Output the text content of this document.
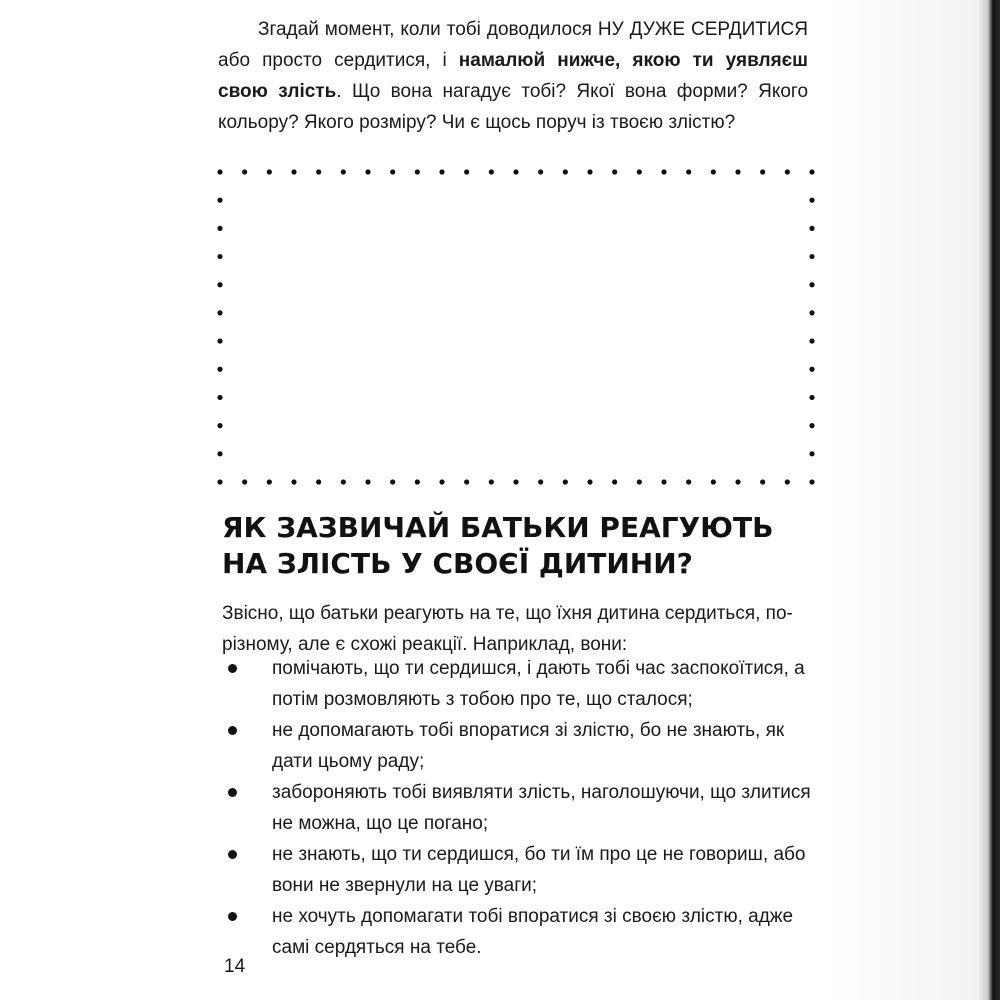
Згадай момент, коли тобі доводилося НУ ДУЖЕ СЕРДИТИСЯ або просто сердитися, і намалюй нижче, якою ти уявляєш свою злість. Що вона нагадує тобі? Якої вона форми? Якого кольору? Якого розміру? Чи є щось поруч із твоєю злістю?

ЯК ЗАЗВИЧАЙ БАТЬКИ РЕАГУЮТЬ
НА ЗЛІСТЬ У СВОЄЇ ДИТИНИ?

Звісно, що батьки реагують на те, що їхня дитина сердиться, по-різному, але є схожі реакції. Наприклад, вони:

помічають, що ти сердишся, і дають тобі час заспокоїтися, а потім розмовляють з тобою про те, що сталося;
не допомагають тобі впоратися зі злістю, бо не знають, як дати цьому раду;
забороняють тобі виявляти злість, наголошуючи, що злитися не можна, що це погано;
не знають, що ти сердишся, бо ти їм про це не говориш, або вони не звернули на це уваги;
не хочуть допомагати тобі впоратися зі своєю злістю, адже самі сердяться на тебе.
14
